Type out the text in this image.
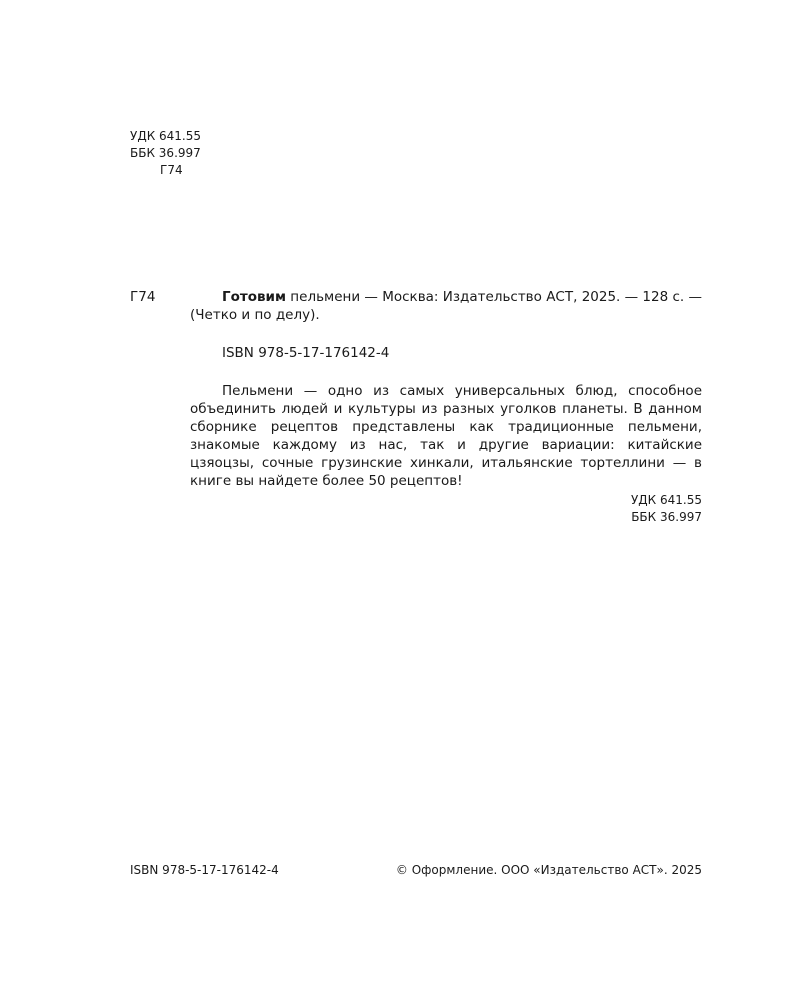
УДК 641.55
ББК 36.997
Г74
Г74	Готовим пельмени — Москва: Издательство АСТ, 2025. — 128 с. — (Четко и по делу).

ISBN 978-5-17-176142-4

Пельмени — одно из самых универсальных блюд, способное объединить людей и культуры из разных уголков планеты. В данном сборнике рецептов представлены как традиционные пельмени, знакомые каждому из нас, так и другие вариации: китайские цзяоцзы, сочные грузинские хинкали, итальянские тортеллини — в книге вы найдете более 50 рецептов!

УДК 641.55
ББК 36.997
ISBN 978-5-17-176142-4	© Оформление. ООО «Издательство АСТ». 2025
